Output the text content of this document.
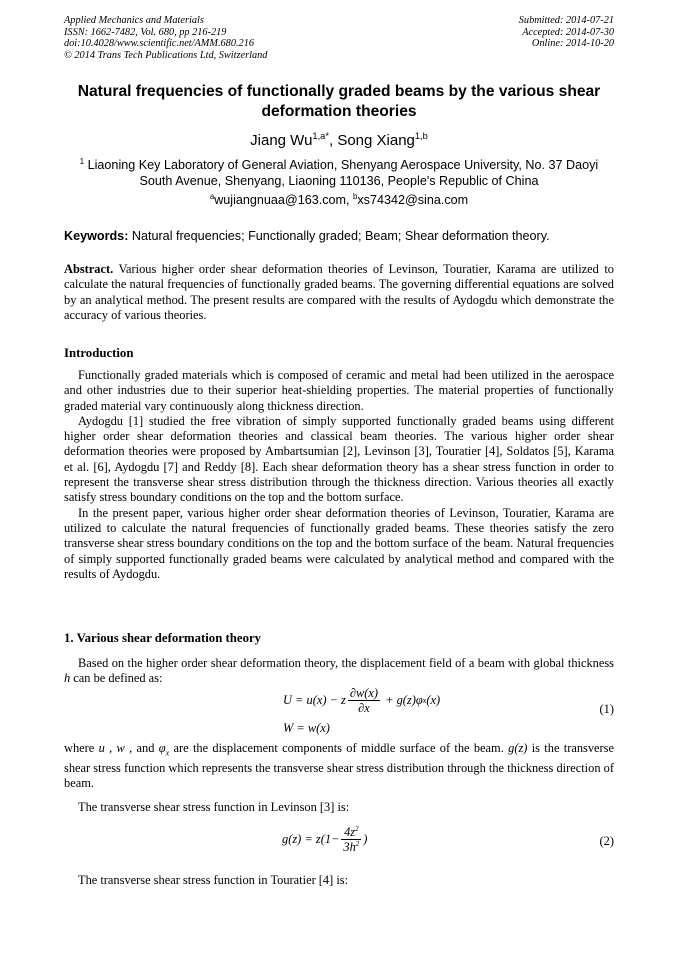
Applied Mechanics and Materials
ISSN: 1662-7482, Vol. 680, pp 216-219
doi:10.4028/www.scientific.net/AMM.680.216
© 2014 Trans Tech Publications Ltd, Switzerland
Submitted: 2014-07-21
Accepted: 2014-07-30
Online: 2014-10-20
Natural frequencies of functionally graded beams by the various shear deformation theories
Jiang $Wu^{1,a*}$, Song Xiang$^{1,b}$
$^1$ Liaoning Key Laboratory of General Aviation, Shenyang Aerospace University, No. 37 Daoyi South Avenue, Shenyang, Liaoning 110136, People's Republic of China
$^a$wujiangnuaa@163.com, $^b$xs74342@sina.com
Keywords: Natural frequencies; Functionally graded; Beam; Shear deformation theory.

Abstract. Various higher order shear deformation theories of Levinson, Touratier, Karama are utilized to calculate the natural frequencies of functionally graded beams. The governing differential equations are solved by an analytical method. The present results are compared with the results of Aydogdu which demonstrate the accuracy of various theories.

Introduction

Functionally graded materials which is composed of ceramic and metal had been utilized in the aerospace and other industries due to their superior heat-shielding properties. The material properties of functionally graded material vary continuously along thickness direction.

Aydogdu [1] studied the free vibration of simply supported functionally graded beams using different higher order shear deformation theories and classical beam theories. The various higher order shear deformation theories were proposed by Ambartsumian [2], Levinson [3], Touratier [4], Soldatos [5], Karama et al. [6], Aydogdu [7] and Reddy [8]. Each shear deformation theory has a shear stress function in order to represent the transverse shear stress distribution through the thickness direction. Various theories all exactly satisfy stress boundary conditions on the top and the bottom surface.

In the present paper, various higher order shear deformation theories of Levinson, Touratier, Karama are utilized to calculate the natural frequencies of functionally graded beams. These theories satisfy the zero transverse shear stress boundary conditions on the top and the bottom surface of the beam. Natural frequencies of simply supported functionally graded beams were calculated by analytical method and compared with the results of Aydogdu.

1. Various shear deformation theory

Based on the higher order shear deformation theory, the displacement field of a beam with global thickness h can be defined as:

U = u ( x ) − z $\frac{\partial w(x)}{\partial x} + g$ ( z ) φ x ( x )
W = w(x)
(1)

where u , w , and $\varphi_x$ are the displacement components of middle surface of the beam. g(z) is the transverse shear stress function which represents the transverse shear stress distribution through the thickness direction of beam.

The transverse shear stress function in Levinson [3] is:

g ( z ) = z ($1- \frac{4z^2}{3h^2}$ )	(2)

The transverse shear stress function in Touratier [4] is:
